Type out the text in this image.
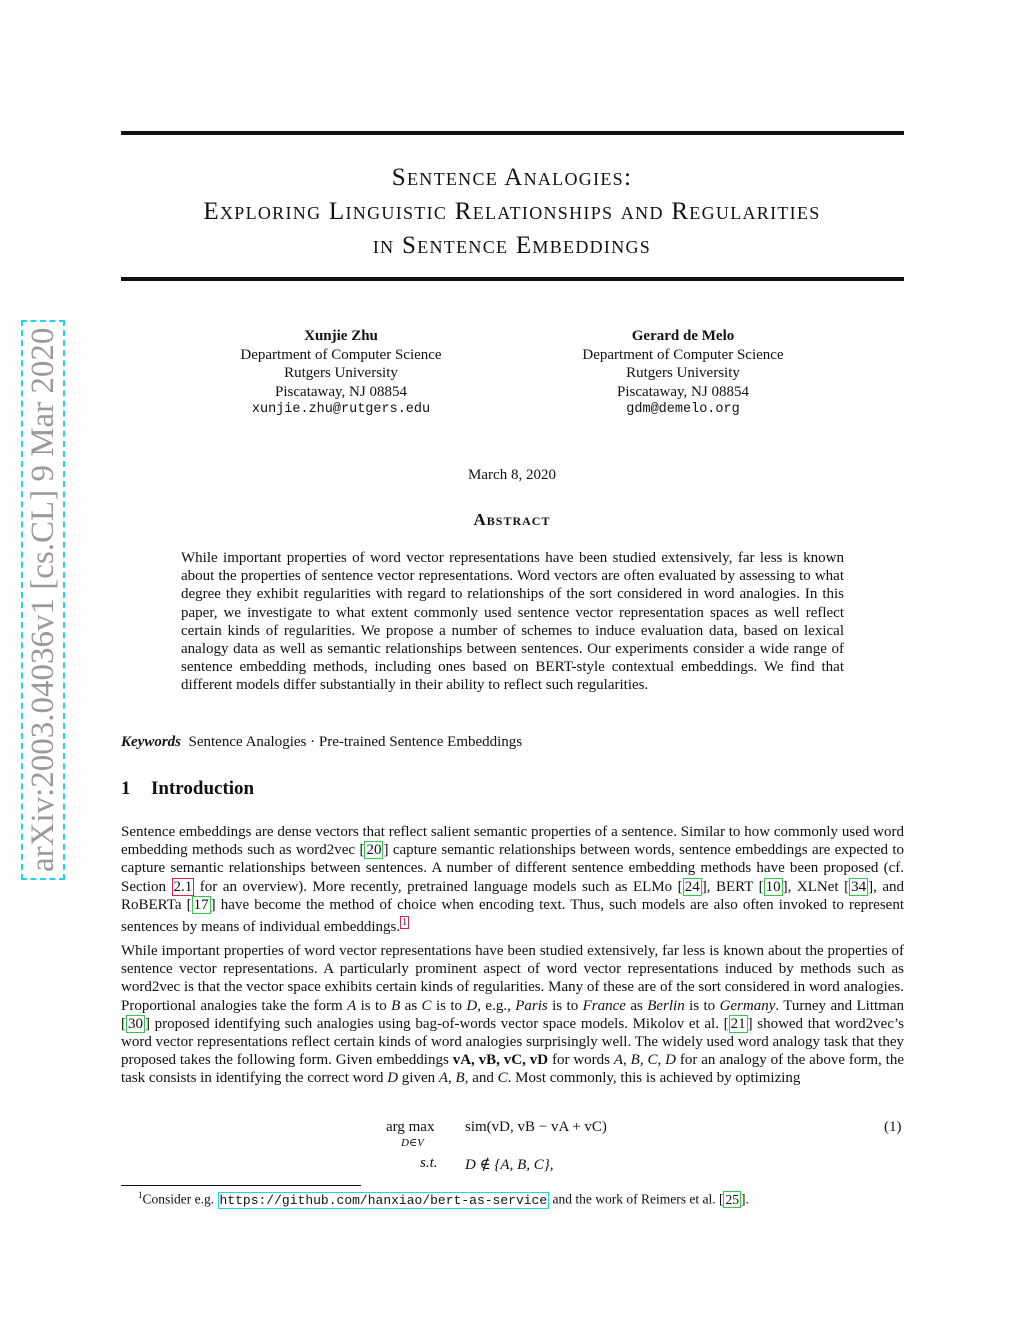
arXiv:2003.04036v1 [cs.CL] 9 Mar 2020
Sentence Analogies:
Exploring Linguistic Relationships and Regularities
in Sentence Embeddings
Xunjie Zhu
Department of Computer Science
Rutgers University
Piscataway, NJ 08854
xunjie.zhu@rutgers.edu
Gerard de Melo
Department of Computer Science
Rutgers University
Piscataway, NJ 08854
gdm@demelo.org
March 8, 2020
Abstract
While important properties of word vector representations have been studied extensively, far less is known about the properties of sentence vector representations. Word vectors are often evaluated by assessing to what degree they exhibit regularities with regard to relationships of the sort considered in word analogies. In this paper, we investigate to what extent commonly used sentence vector representation spaces as well reflect certain kinds of regularities. We propose a number of schemes to induce evaluation data, based on lexical analogy data as well as semantic relationships between sentences. Our experiments consider a wide range of sentence embedding methods, including ones based on BERT-style contextual embeddings. We find that different models differ substantially in their ability to reflect such regularities.
Keywords Sentence Analogies · Pre-trained Sentence Embeddings
1 Introduction
Sentence embeddings are dense vectors that reflect salient semantic properties of a sentence. Similar to how commonly used word embedding methods such as word2vec [ 20 ] capture semantic relationships between words, sentence embeddings are expected to capture semantic relationships between sentences. A number of different sentence embedding methods have been proposed (cf. Section 2.1 for an overview). More recently, pretrained language models such as ELMo [ 24 ], BERT [ 10 ], XLNet [ 34 ], and RoBERTa [ 17 ] have become the method of choice when encoding text. Thus, such models are also often invoked to represent sentences by means of individual embeddings. $^1$
While important properties of word vector representations have been studied extensively, far less is known about the properties of sentence vector representations. A particularly prominent aspect of word vector representations induced by methods such as word2vec is that the vector space exhibits certain kinds of regularities. Many of these are of the sort considered in word analogies. Proportional analogies take the form A is to B as C is to D, e.g., Paris is to France as Berlin is to Germany. Turney and Littman [ 30 ] proposed identifying such analogies using bag-of-words vector space models. Mikolov et al. [ 21 ] showed that word2vec’s word vector representations reflect certain kinds of word analogies surprisingly well. The widely used word analogy task that they proposed takes the following form. Given embeddings vA, vB, vC, vD for words A, B, C, D for an analogy of the above form, the task consists in identifying the correct word D given A, B, and C. Most commonly, this is achieved by optimizing
arg max
D∈V
sim(vD, vB − vA + vC)	(1)
s.t. D ∉ {A, B, C},
$^1$Consider e.g. https://github.com/hanxiao/bert-as-service and the work of Reimers et al. [ 25 ].
